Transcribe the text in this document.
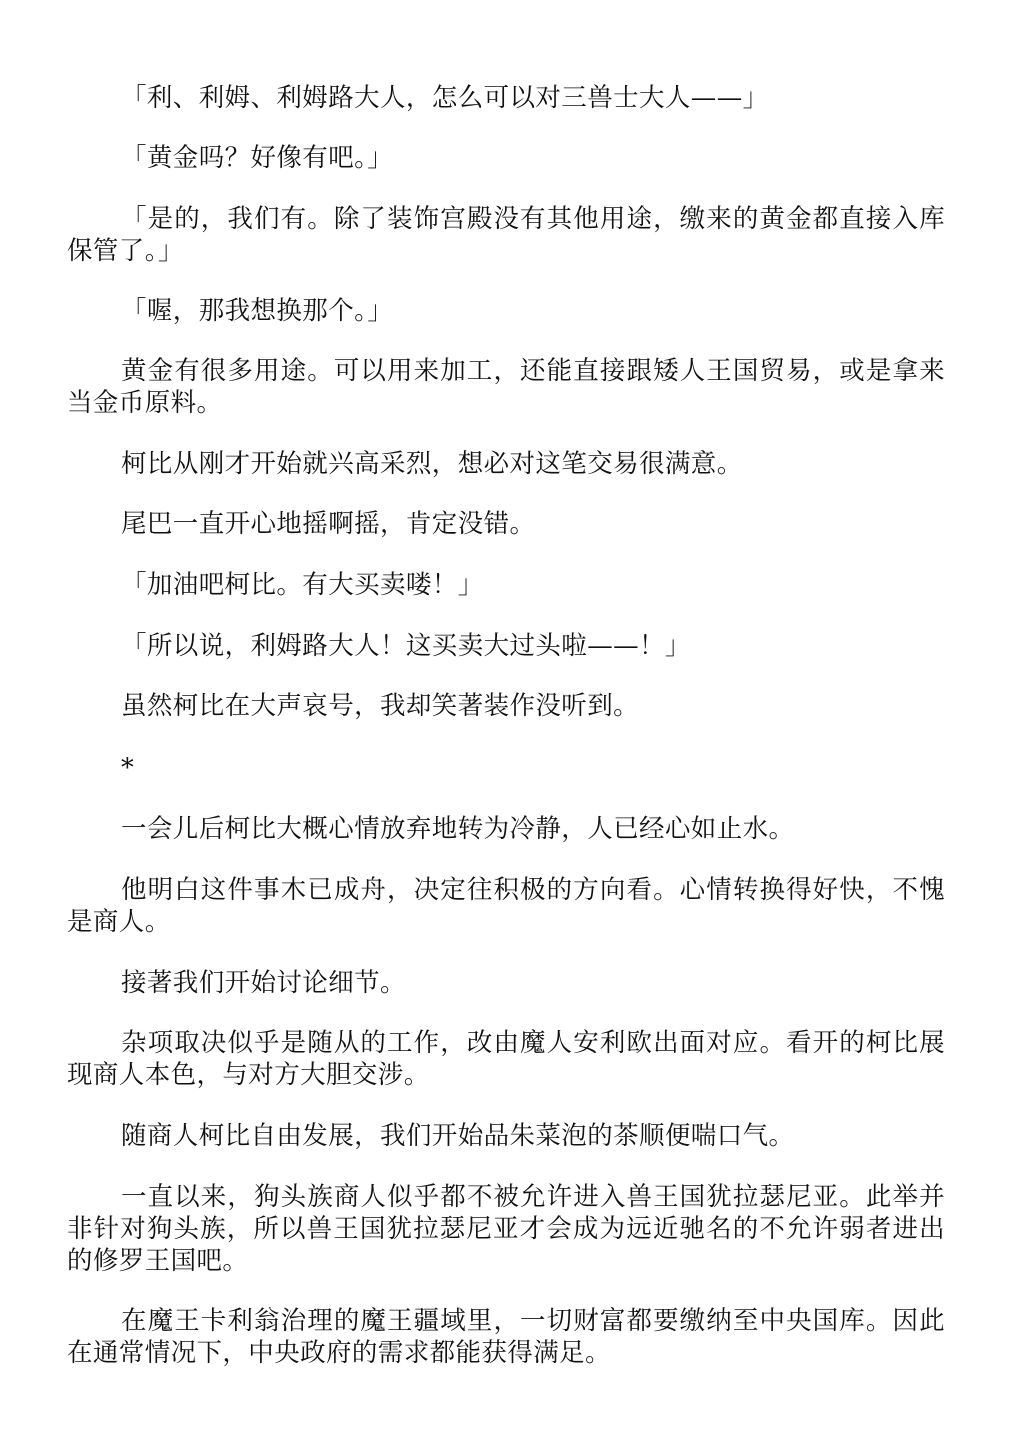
「利、利姆、利姆路大人，怎么可以对三兽士大人——」

「黄金吗？好像有吧。」

「是的，我们有。除了装饰宫殿没有其他用途，缴来的黄金都直接入库保管了。」

「喔，那我想换那个。」

黄金有很多用途。可以用来加工，还能直接跟矮人王国贸易，或是拿来当金币原料。

柯比从刚才开始就兴高采烈，想必对这笔交易很满意。

尾巴一直开心地摇啊摇，肯定没错。

「加油吧柯比。有大买卖喽！」

「所以说，利姆路大人！这买卖大过头啦——！」

虽然柯比在大声哀号，我却笑著装作没听到。

*

一会儿后柯比大概心情放弃地转为冷静，人已经心如止水。

他明白这件事木已成舟，决定往积极的方向看。心情转换得好快，不愧是商人。

接著我们开始讨论细节。

杂项取决似乎是随从的工作，改由魔人安利欧出面对应。看开的柯比展现商人本色，与对方大胆交涉。

随商人柯比自由发展，我们开始品朱菜泡的茶顺便喘口气。

一直以来，狗头族商人似乎都不被允许进入兽王国犹拉瑟尼亚。此举并非针对狗头族，所以兽王国犹拉瑟尼亚才会成为远近驰名的不允许弱者进出的修罗王国吧。

在魔王卡利翁治理的魔王疆域里，一切财富都要缴纳至中央国库。因此在通常情况下，中央政府的需求都能获得满足。
